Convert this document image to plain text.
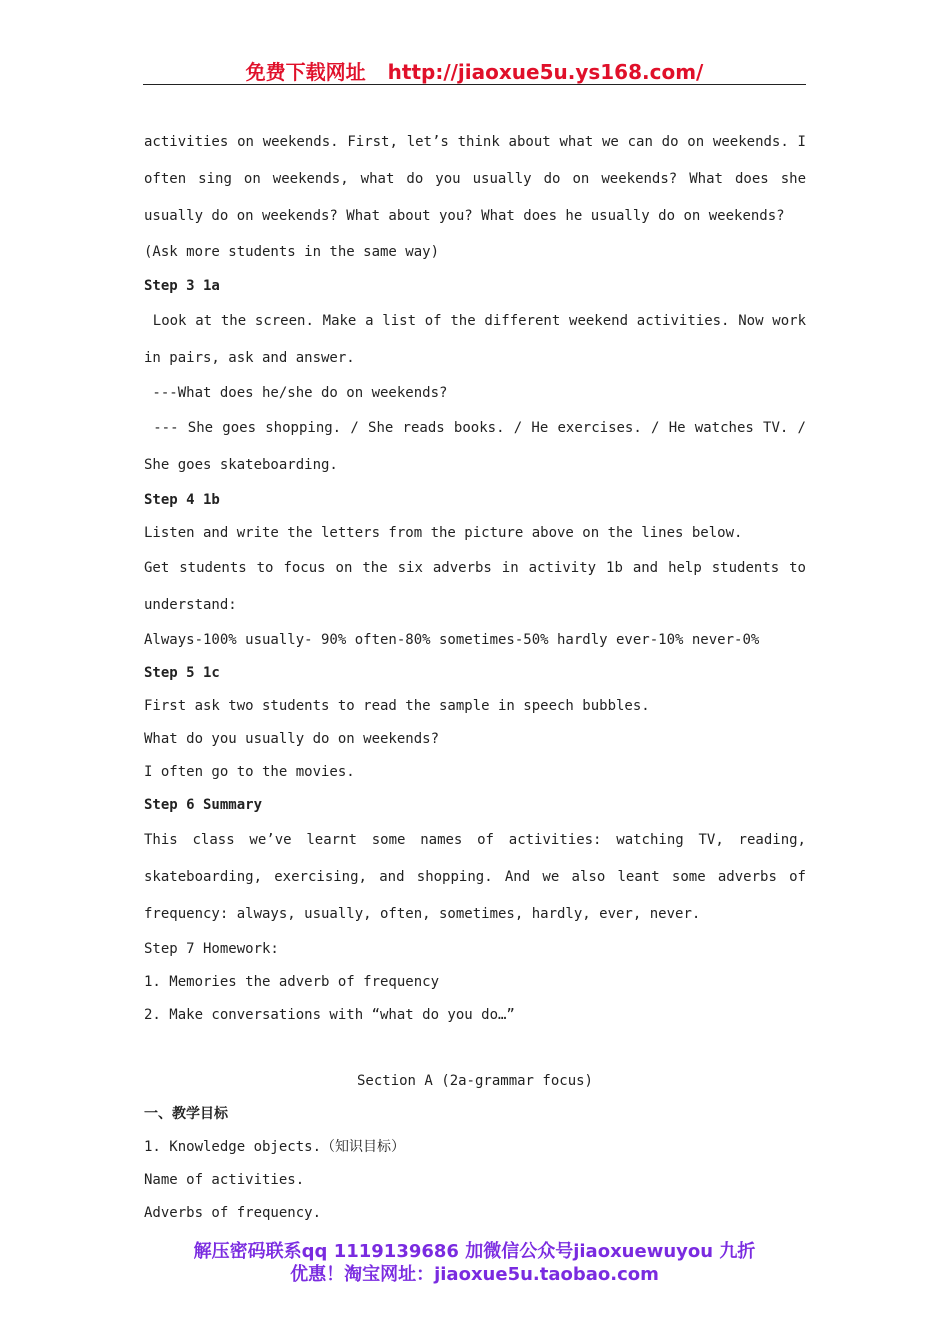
免费下载网址 http://jiaoxue5u.ys168.com/
activities on weekends. First, let’s think about what we can do on weekends. I often sing on weekends, what do you usually do on weekends? What does she usually do on weekends? What about you? What does he usually do on weekends?
(Ask more students in the same way)
Step 3 1a
Look at the screen. Make a list of the different weekend activities. Now work in pairs, ask and answer.
---What does he/she do on weekends?
--- She goes shopping. / She reads books. / He exercises. / He watches TV. / She goes skateboarding.
Step 4 1b
Listen and write the letters from the picture above on the lines below.
Get students to focus on the six adverbs in activity 1b and help students to understand:
Always-100% usually- 90% often-80% sometimes-50% hardly ever-10% never-0%
Step 5 1c
First ask two students to read the sample in speech bubbles.
What do you usually do on weekends?
I often go to the movies.
Step 6 Summary
This class we’ve learnt some names of activities: watching TV, reading, skateboarding, exercising, and shopping. And we also leant some adverbs of frequency: always, usually, often, sometimes, hardly, ever, never.
Step 7 Homework:
1. Memories the adverb of frequency
2. Make conversations with “what do you do…”
Section A (2a-grammar focus)
一、教学目标
1. Knowledge objects.（知识目标）
Name of activities.
Adverbs of frequency.
解压密码联系qq 1119139686 加微信公众号jiaoxuewuyou 九折
优惠！淘宝网址：jiaoxue5u.taobao.com
